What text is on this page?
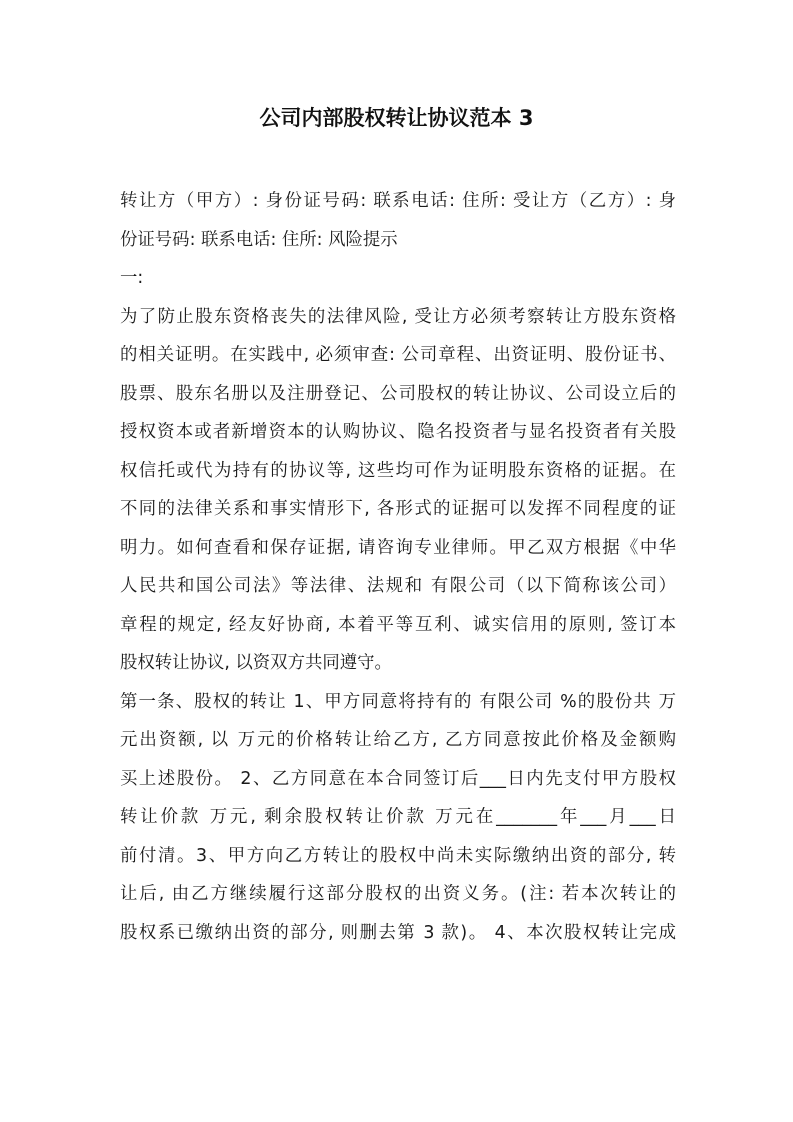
公司内部股权转让协议范本 3
转让方（甲方）: 身份证号码: 联系电话: 住所: 受让方（乙方）: 身
份证号码: 联系电话: 住所: 风险提示
一:
为了防止股东资格丧失的法律风险, 受让方必须考察转让方股东资格
的相关证明。在实践中, 必须审查: 公司章程、出资证明、股份证书、
股票、股东名册以及注册登记、公司股权的转让协议、公司设立后的
授权资本或者新增资本的认购协议、隐名投资者与显名投资者有关股
权信托或代为持有的协议等, 这些均可作为证明股东资格的证据。在
不同的法律关系和事实情形下, 各形式的证据可以发挥不同程度的证
明力。如何查看和保存证据, 请咨询专业律师。甲乙双方根据《中华
人民共和国公司法》等法律、法规和 有限公司（以下简称该公司）
章程的规定, 经友好协商, 本着平等互利、诚实信用的原则, 签订本
股权转让协议, 以资双方共同遵守。
第一条、股权的转让 1、甲方同意将持有的 有限公司 %的股份共 万
元出资额, 以 万元的价格转让给乙方, 乙方同意按此价格及金额购
买上述股份。 2、乙方同意在本合同签订后___日内先支付甲方股权
转让价款 万元, 剩余股权转让价款 万元在_______年___月___日
前付清。3、甲方向乙方转让的股权中尚未实际缴纳出资的部分, 转
让后, 由乙方继续履行这部分股权的出资义务。(注: 若本次转让的
股权系已缴纳出资的部分, 则删去第 3 款)。 4、本次股权转让完成
